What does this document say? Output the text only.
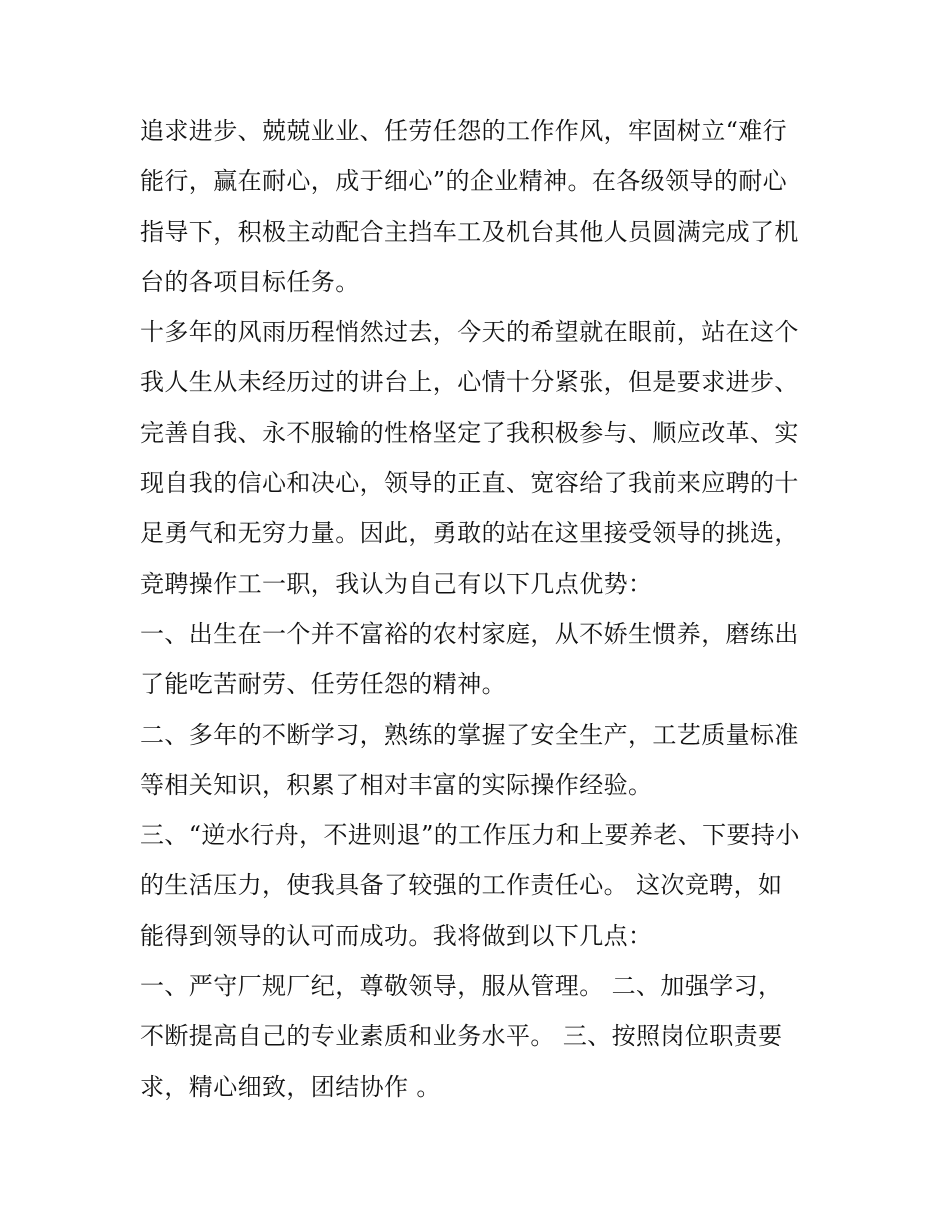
追求进步、兢兢业业、任劳任怨的工作作风，牢固树立“难行
能行，赢在耐心，成于细心”的企业精神。在各级领导的耐心
指导下，积极主动配合主挡车工及机台其他人员圆满完成了机
台的各项目标任务。
十多年的风雨历程悄然过去，今天的希望就在眼前，站在这个
我人生从未经历过的讲台上，心情十分紧张，但是要求进步、
完善自我、永不服输的性格坚定了我积极参与、顺应改革、实
现自我的信心和决心，领导的正直、宽容给了我前来应聘的十
足勇气和无穷力量。因此，勇敢的站在这里接受领导的挑选，
竞聘操作工一职，我认为自己有以下几点优势：
一、出生在一个并不富裕的农村家庭，从不娇生惯养，磨练出
了能吃苦耐劳、任劳任怨的精神。
二、多年的不断学习，熟练的掌握了安全生产，工艺质量标准
等相关知识，积累了相对丰富的实际操作经验。
三、“逆水行舟，不进则退”的工作压力和上要养老、下要持小
的生活压力，使我具备了较强的工作责任心。 这次竞聘，如
能得到领导的认可而成功。我将做到以下几点：
一、严守厂规厂纪，尊敬领导，服从管理。 二、加强学习，
不断提高自己的专业素质和业务水平。 三、按照岗位职责要
求，精心细致，团结协作 。
